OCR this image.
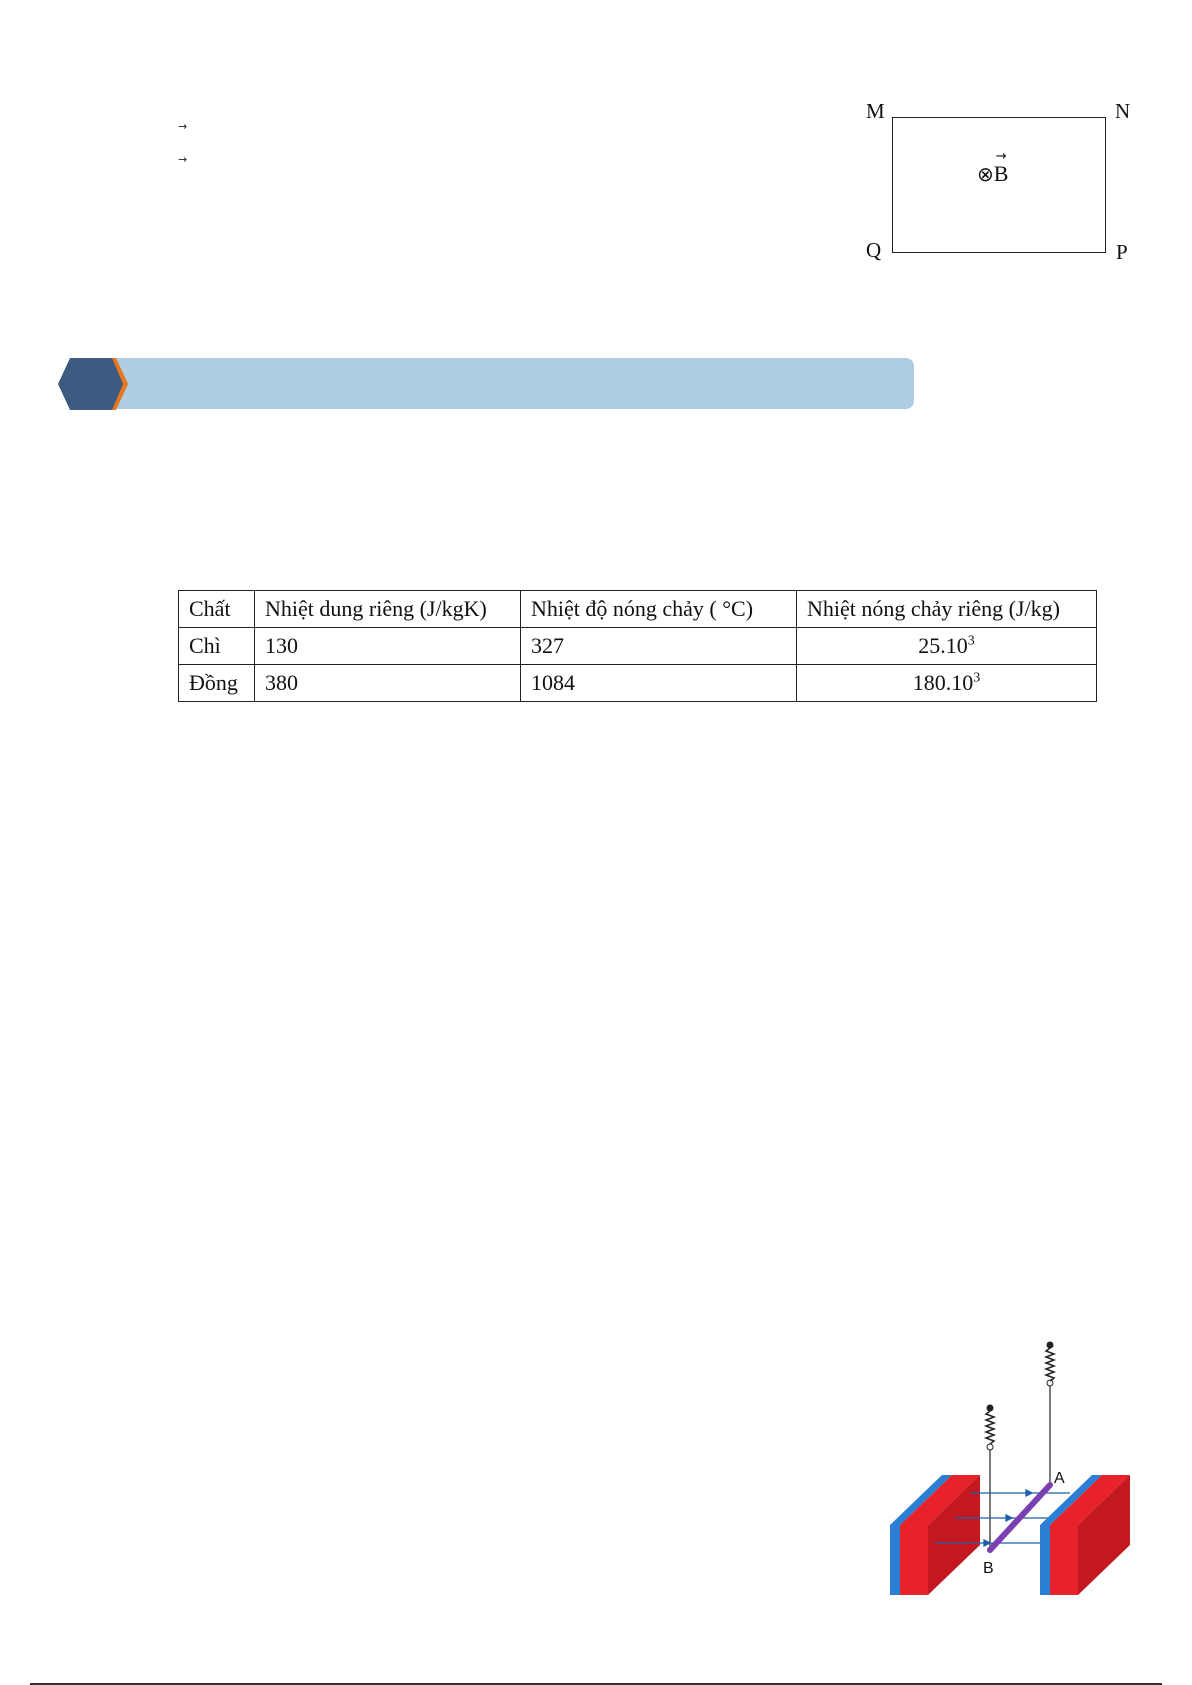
→
→
M	N
Q	P
⊗
→
B
Chất	Nhiệt dung riêng (J/kgK)	Nhiệt độ nóng chảy ( °C)	Nhiệt nóng chảy riêng (J/kg)
Chì	130	327	25.10$^3$
Đồng	380	1084	180.10$^3$
A
B
